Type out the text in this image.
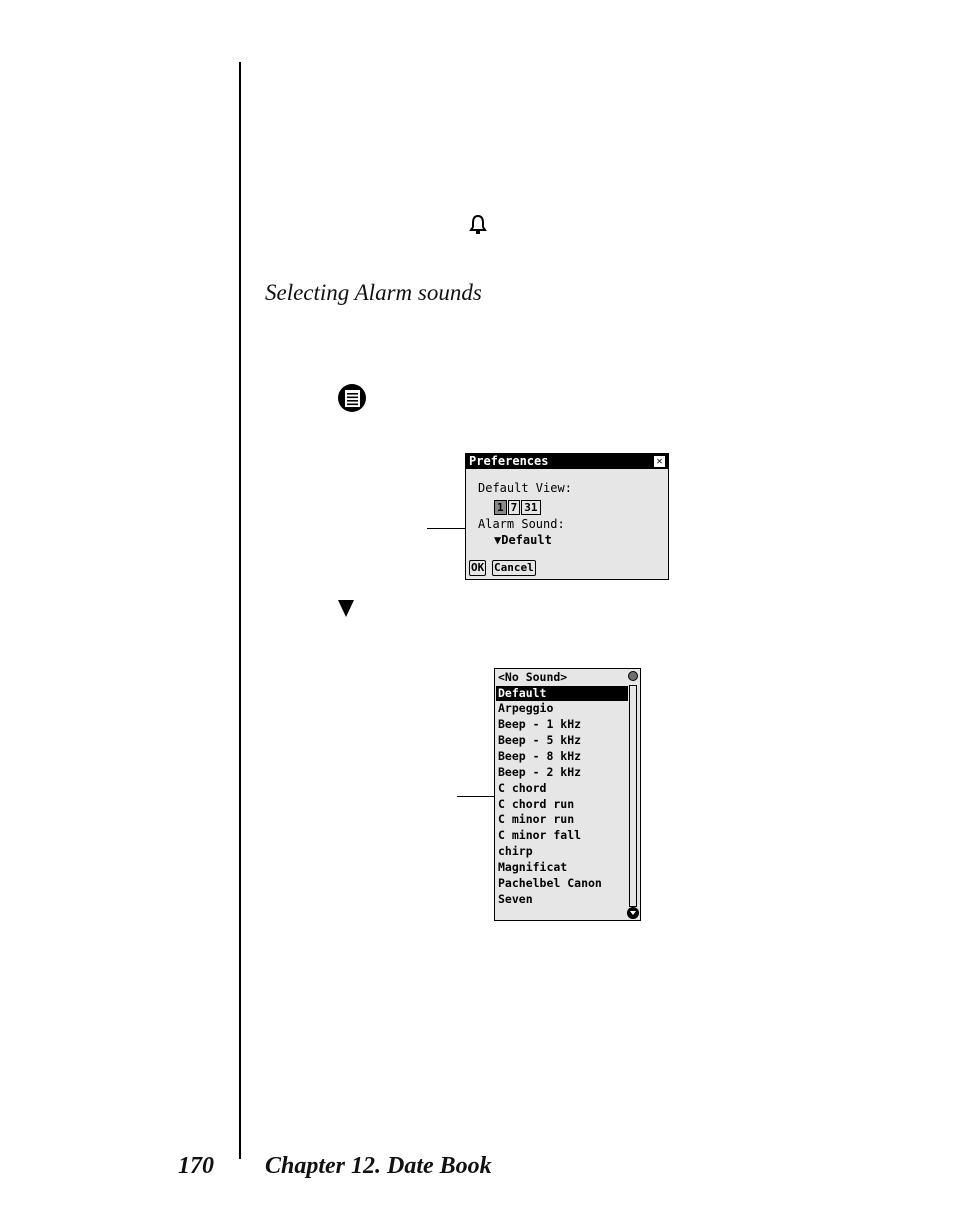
Selecting Alarm sounds
Preferences	✕
Default View:
1 7 31
Alarm Sound:
▼Default
OK Cancel
<No Sound>
Default
Arpeggio
Beep - 1 kHz
Beep - 5 kHz
Beep - 8 kHz
Beep - 2 kHz
C chord
C chord run
C minor run
C minor fall
chirp
Magnificat
Pachelbel Canon
Seven
170 Chapter 12. Date Book
